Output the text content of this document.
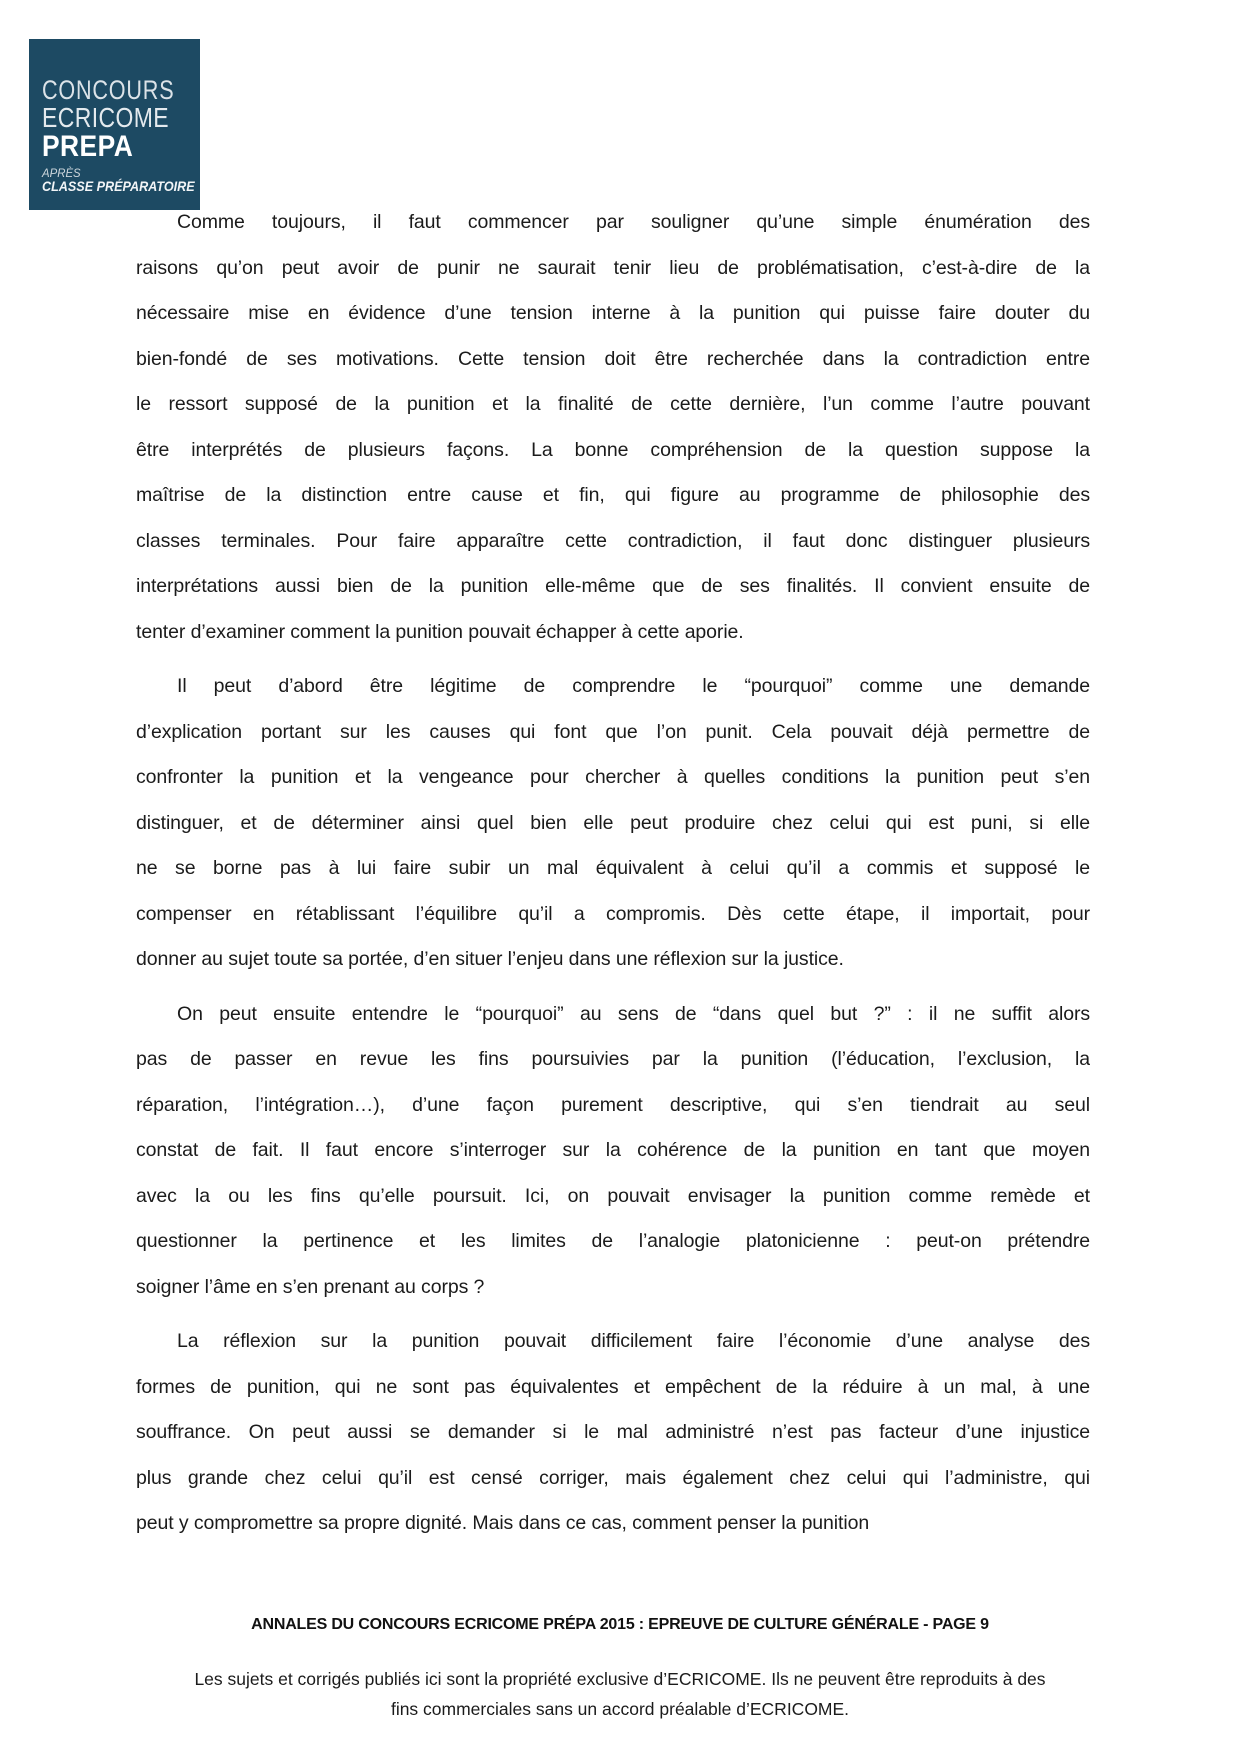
CONCOURS
ECRICOME
PREPA
APRÈS
CLASSE PRÉPARATOIRE
Comme toujours, il faut commencer par souligner qu’une simple énumération des
raisons qu’on peut avoir de punir ne saurait tenir lieu de problématisation, c’est-à-dire de la
nécessaire mise en évidence d’une tension interne à la punition qui puisse faire douter du
bien-fondé de ses motivations. Cette tension doit être recherchée dans la contradiction entre
le ressort supposé de la punition et la finalité de cette dernière, l’un comme l’autre pouvant
être interprétés de plusieurs façons. La bonne compréhension de la question suppose la
maîtrise de la distinction entre cause et fin, qui figure au programme de philosophie des
classes terminales. Pour faire apparaître cette contradiction, il faut donc distinguer plusieurs
interprétations aussi bien de la punition elle-même que de ses finalités. Il convient ensuite de
tenter d’examiner comment la punition pouvait échapper à cette aporie.
Il peut d’abord être légitime de comprendre le “pourquoi” comme une demande
d’explication portant sur les causes qui font que l’on punit. Cela pouvait déjà permettre de
confronter la punition et la vengeance pour chercher à quelles conditions la punition peut s’en
distinguer, et de déterminer ainsi quel bien elle peut produire chez celui qui est puni, si elle
ne se borne pas à lui faire subir un mal équivalent à celui qu’il a commis et supposé le
compenser en rétablissant l’équilibre qu’il a compromis. Dès cette étape, il importait, pour
donner au sujet toute sa portée, d’en situer l’enjeu dans une réflexion sur la justice.
On peut ensuite entendre le “pourquoi” au sens de “dans quel but ?” : il ne suffit alors
pas de passer en revue les fins poursuivies par la punition (l’éducation, l’exclusion, la
réparation, l’intégration…), d’une façon purement descriptive, qui s’en tiendrait au seul
constat de fait. Il faut encore s’interroger sur la cohérence de la punition en tant que moyen
avec la ou les fins qu’elle poursuit. Ici, on pouvait envisager la punition comme remède et
questionner la pertinence et les limites de l’analogie platonicienne : peut-on prétendre
soigner l’âme en s’en prenant au corps ?
La réflexion sur la punition pouvait difficilement faire l’économie d’une analyse des
formes de punition, qui ne sont pas équivalentes et empêchent de la réduire à un mal, à une
souffrance. On peut aussi se demander si le mal administré n’est pas facteur d’une injustice
plus grande chez celui qu’il est censé corriger, mais également chez celui qui l’administre, qui
peut y compromettre sa propre dignité. Mais dans ce cas, comment penser la punition
ANNALES DU CONCOURS ECRICOME PRÉPA 2015 : EPREUVE DE CULTURE GÉNÉRALE - PAGE 9
Les sujets et corrigés publiés ici sont la propriété exclusive d’ECRICOME. Ils ne peuvent être reproduits à des
fins commerciales sans un accord préalable d’ECRICOME.
